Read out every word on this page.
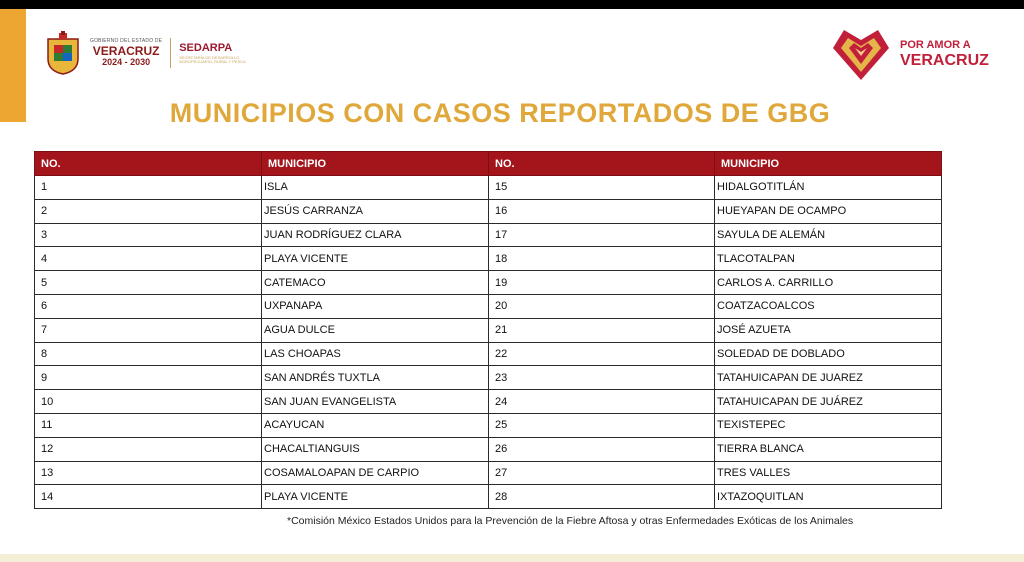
GOBIERNO DEL ESTADO DE
VERACRUZ
2024 - 2030
SEDARPA
SECRETARÍA DE DESARROLLO AGROPECUARIO, RURAL Y PESCA
POR AMOR A
VERACRUZ
MUNICIPIOS CON CASOS REPORTADOS DE GBG
NO.	MUNICIPIO	NO.	MUNICIPIO
1	ISLA	15	HIDALGOTITLÁN
2	JESÚS CARRANZA	16	HUEYAPAN DE OCAMPO
3	JUAN RODRÍGUEZ CLARA	17	SAYULA DE ALEMÁN
4	PLAYA VICENTE	18	TLACOTALPAN
5	CATEMACO	19	CARLOS A. CARRILLO
6	UXPANAPA	20	COATZACOALCOS
7	AGUA DULCE	21	JOSÉ AZUETA
8	LAS CHOAPAS	22	SOLEDAD DE DOBLADO
9	SAN ANDRÉS TUXTLA	23	TATAHUICAPAN DE JUAREZ
10	SAN JUAN EVANGELISTA	24	TATAHUICAPAN DE JUÁREZ
11	ACAYUCAN	25	TEXISTEPEC
12	CHACALTIANGUIS	26	TIERRA BLANCA
13	COSAMALOAPAN DE CARPIO	27	TRES VALLES
14	PLAYA VICENTE	28	IXTAZOQUITLAN
*Comisión México Estados Unidos para la Prevención de la Fiebre Aftosa y otras Enfermedades Exóticas de los Animales
